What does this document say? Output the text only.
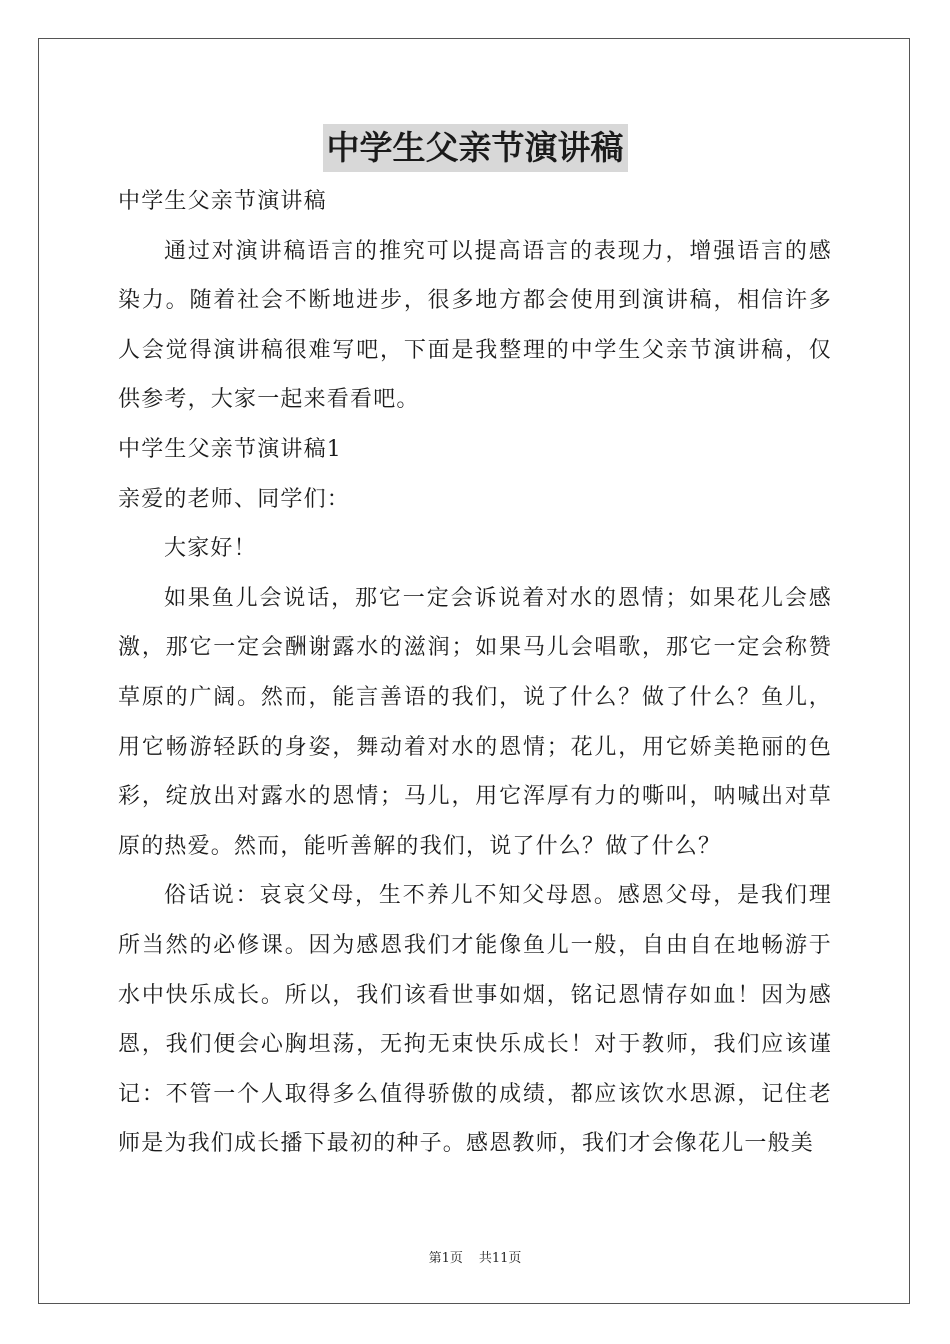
中学生父亲节演讲稿

中学生父亲节演讲稿

通过对演讲稿语言的推究可以提高语言的表现力，增强语言的感染力。随着社会不断地进步，很多地方都会使用到演讲稿，相信许多人会觉得演讲稿很难写吧，下面是我整理的中学生父亲节演讲稿，仅供参考，大家一起来看看吧。

中学生父亲节演讲稿1

亲爱的老师、同学们：

大家好！

如果鱼儿会说话，那它一定会诉说着对水的恩情；如果花儿会感激，那它一定会酬谢露水的滋润；如果马儿会唱歌，那它一定会称赞草原的广阔。然而，能言善语的我们，说了什么？做了什么？鱼儿，用它畅游轻跃的身姿，舞动着对水的恩情；花儿，用它娇美艳丽的色彩，绽放出对露水的恩情；马儿，用它浑厚有力的嘶叫，呐喊出对草原的热爱。然而，能听善解的我们，说了什么？做了什么？

俗话说：哀哀父母，生不养儿不知父母恩。感恩父母，是我们理所当然的必修课。因为感恩我们才能像鱼儿一般，自由自在地畅游于水中快乐成长。所以，我们该看世事如烟，铭记恩情存如血！因为感恩，我们便会心胸坦荡，无拘无束快乐成长！对于教师，我们应该谨记：不管一个人取得多么值得骄傲的成绩，都应该饮水思源，记住老师是为我们成长播下最初的种子。感恩教师，我们才会像花儿一般美

第1页 共11页
